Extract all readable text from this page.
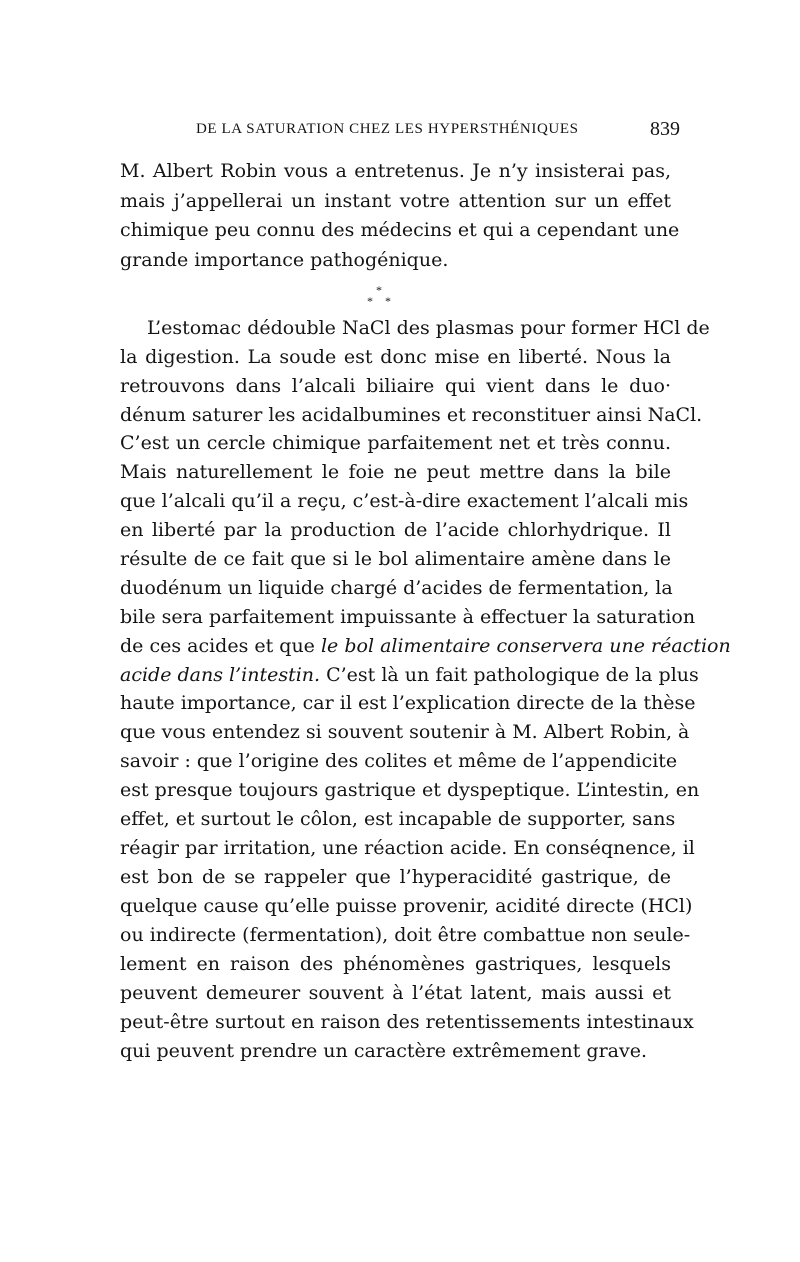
DE LA SATURATION CHEZ LES HYPERSTHÉNIQUES	839
M. Albert Robin vous a entretenus. Je n’y insisterai pas,
mais j’appellerai un instant votre attention sur un effet
chimique peu connu des médecins et qui a cependant une
grande importance pathogénique.
*
* *
L’estomac dédouble NaCl des plasmas pour former HCl de
la digestion. La soude est donc mise en liberté. Nous la
retrouvons dans l’alcali biliaire qui vient dans le duo·
dénum saturer les acidalbumines et reconstituer ainsi NaCl.
C’est un cercle chimique parfaitement net et très connu.
Mais naturellement le foie ne peut mettre dans la bile
que l’alcali qu’il a reçu, c’est-à-dire exactement l’alcali mis
en liberté par la production de l’acide chlorhydrique. Il
résulte de ce fait que si le bol alimentaire amène dans le
duodénum un liquide chargé d’acides de fermentation, la
bile sera parfaitement impuissante à effectuer la saturation
de ces acides et que le bol alimentaire conservera une réaction
acide dans l’intestin. C’est là un fait pathologique de la plus
haute importance, car il est l’explication directe de la thèse
que vous entendez si souvent soutenir à M. Albert Robin, à
savoir : que l’origine des colites et même de l’appendicite
est presque toujours gastrique et dyspeptique. L’intestin, en
effet, et surtout le côlon, est incapable de supporter, sans
réagir par irritation, une réaction acide. En conséqnence, il
est bon de se rappeler que l’hyperacidité gastrique, de
quelque cause qu’elle puisse provenir, acidité directe (HCl)
ou indirecte (fermentation), doit être combattue non seule-
lement en raison des phénomènes gastriques, lesquels
peuvent demeurer souvent à l’état latent, mais aussi et
peut-être surtout en raison des retentissements intestinaux
qui peuvent prendre un caractère extrêmement grave.
